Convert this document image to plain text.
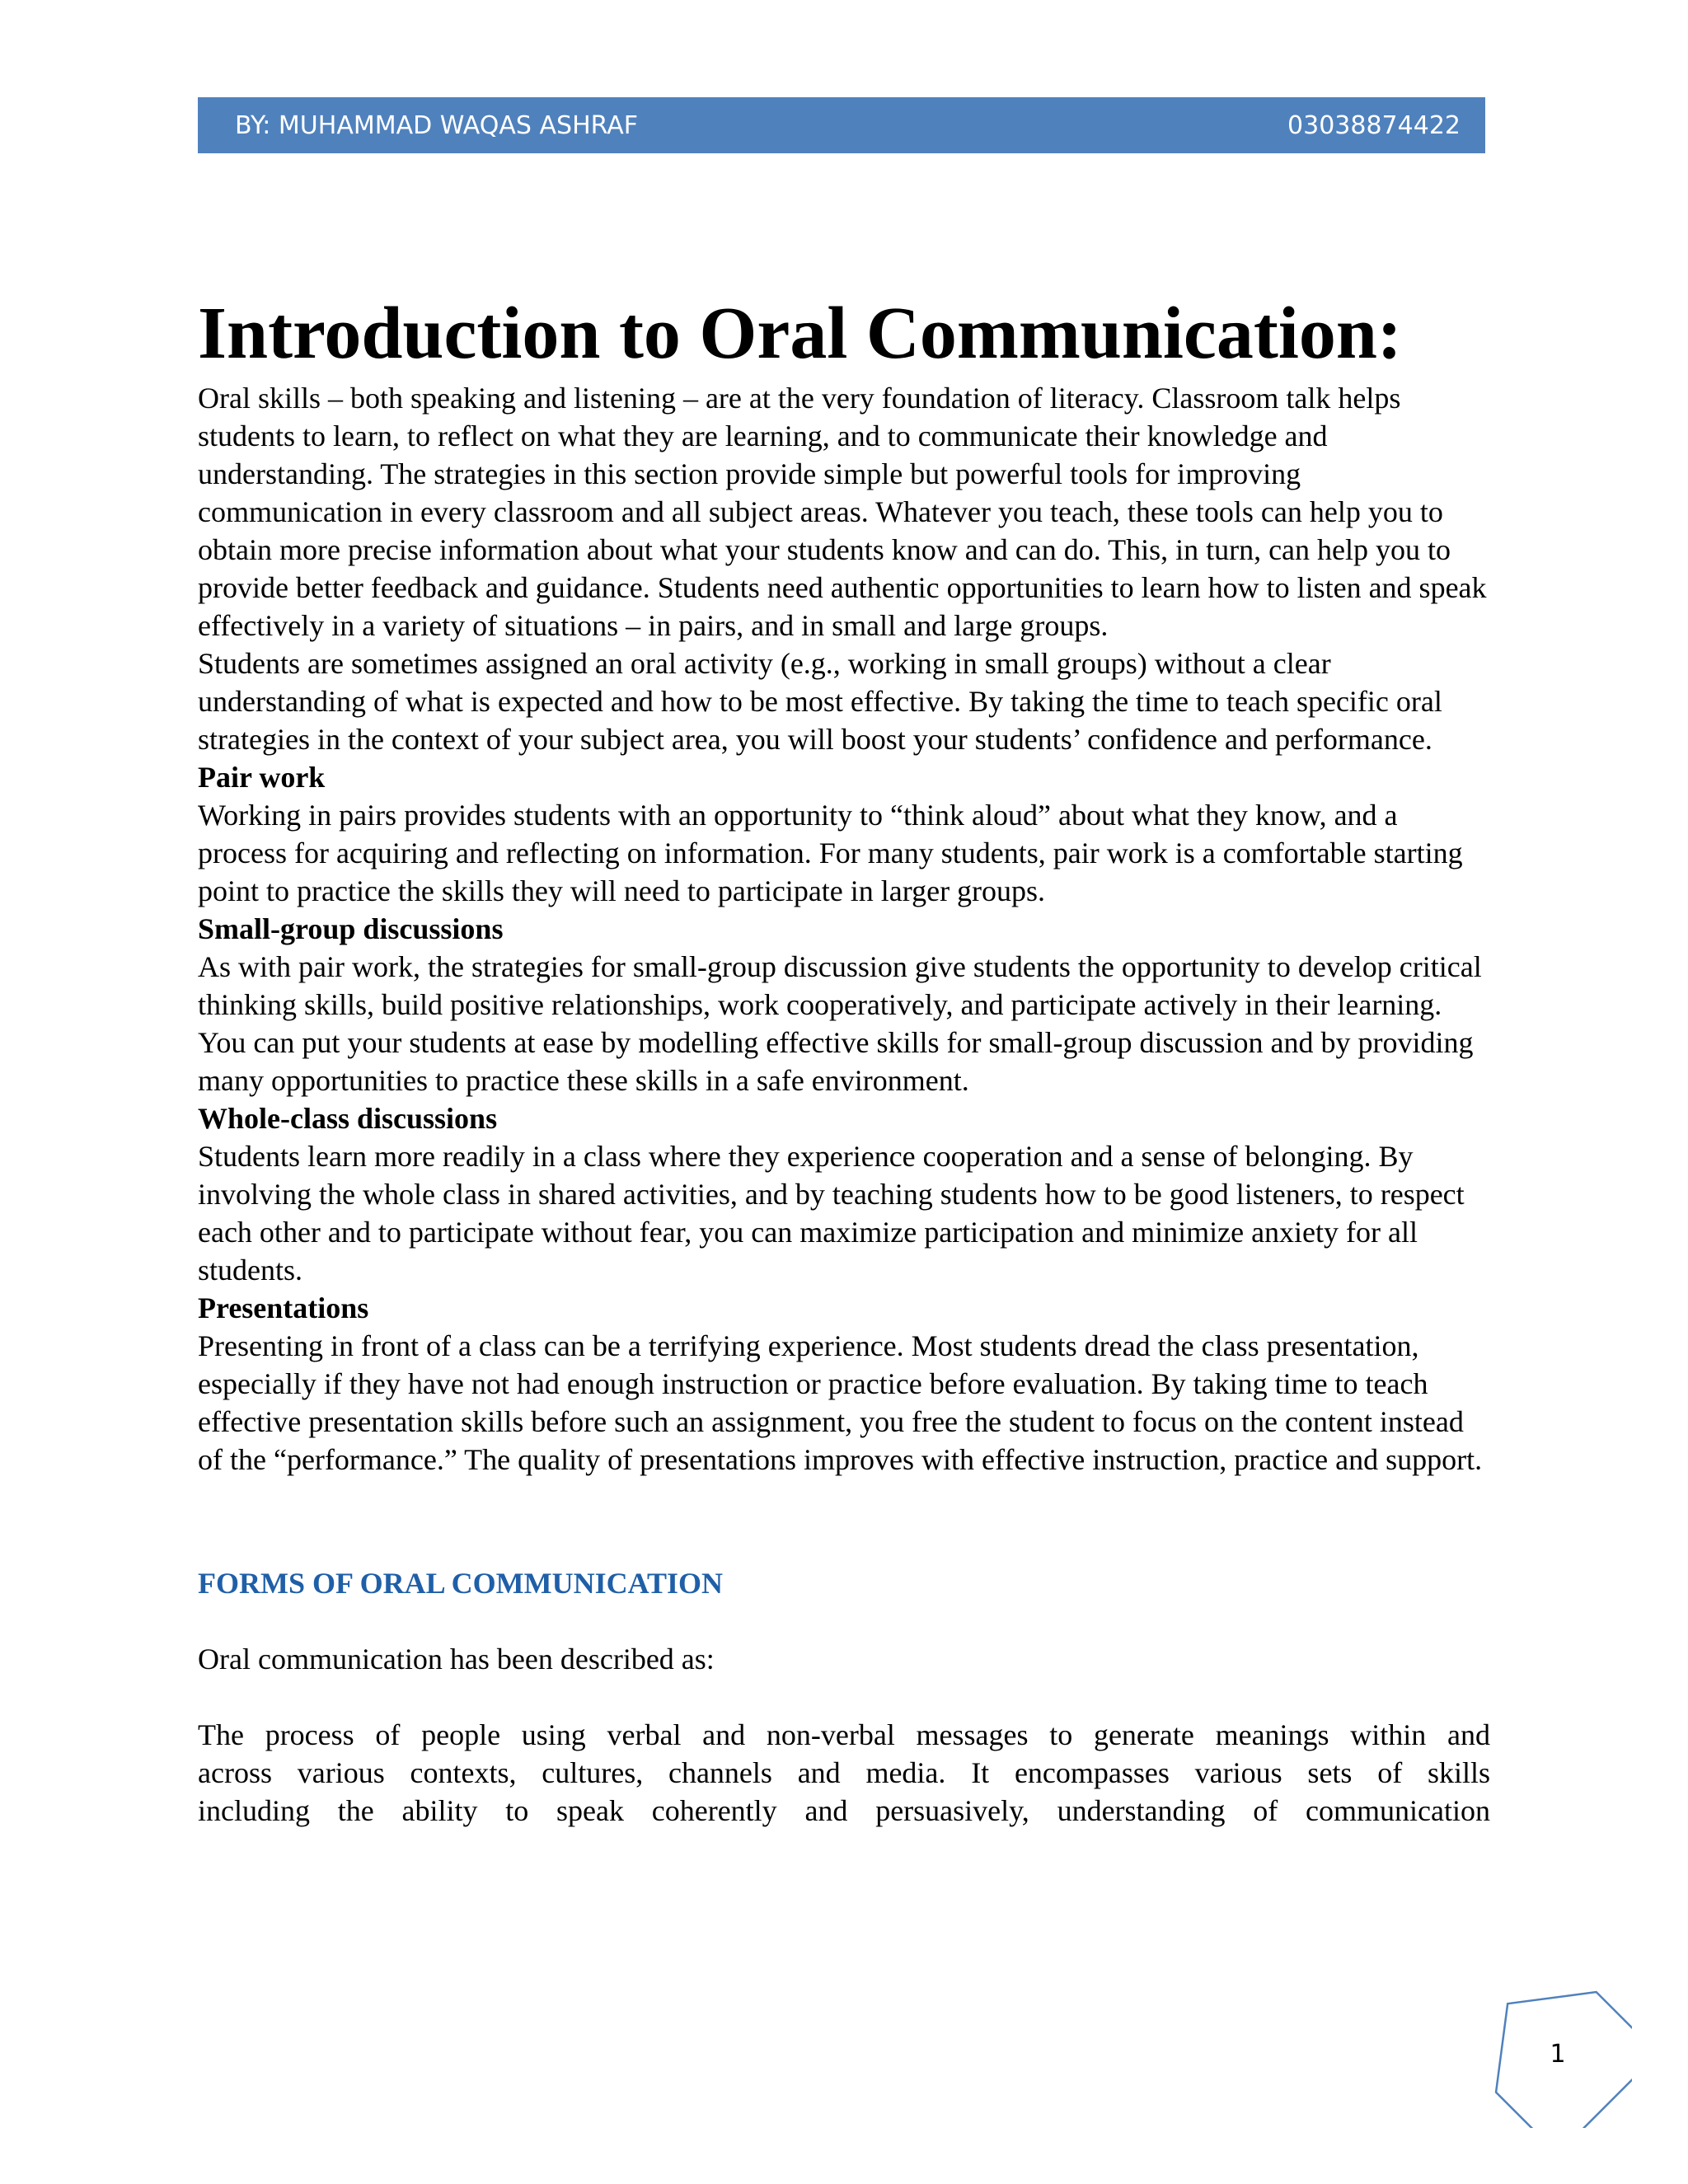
BY: MUHAMMAD WAQAS ASHRAF	03038874422
Introduction to Oral Communication:

Oral skills – both speaking and listening – are at the very foundation of literacy. Classroom talk helps students to learn, to reflect on what they are learning, and to communicate their knowledge and understanding. The strategies in this section provide simple but powerful tools for improving communication in every classroom and all subject areas. Whatever you teach, these tools can help you to obtain more precise information about what your students know and can do. This, in turn, can help you to provide better feedback and guidance. Students need authentic opportunities to learn how to listen and speak effectively in a variety of situations – in pairs, and in small and large groups.

Students are sometimes assigned an oral activity (e.g., working in small groups) without a clear understanding of what is expected and how to be most effective. By taking the time to teach specific oral strategies in the context of your subject area, you will boost your students’ confidence and performance.

Pair work

Working in pairs provides students with an opportunity to “think aloud” about what they know, and a process for acquiring and reflecting on information. For many students, pair work is a comfortable starting point to practice the skills they will need to participate in larger groups.

Small-group discussions

As with pair work, the strategies for small-group discussion give students the opportunity to develop critical thinking skills, build positive relationships, work cooperatively, and participate actively in their learning. You can put your students at ease by modelling effective skills for small-group discussion and by providing many opportunities to practice these skills in a safe environment.

Whole-class discussions

Students learn more readily in a class where they experience cooperation and a sense of belonging. By involving the whole class in shared activities, and by teaching students how to be good listeners, to respect each other and to participate without fear, you can maximize participation and minimize anxiety for all students.

Presentations

Presenting in front of a class can be a terrifying experience. Most students dread the class presentation, especially if they have not had enough instruction or practice before evaluation. By taking time to teach effective presentation skills before such an assignment, you free the student to focus on the content instead of the “performance.” The quality of presentations improves with effective instruction, practice and support.

FORMS OF ORAL COMMUNICATION

Oral communication has been described as:

The process of people using verbal and non-verbal messages to generate meanings within and
across various contexts, cultures, channels and media. It encompasses various sets of skills
including the ability to speak coherently and persuasively, understanding of communication
1
